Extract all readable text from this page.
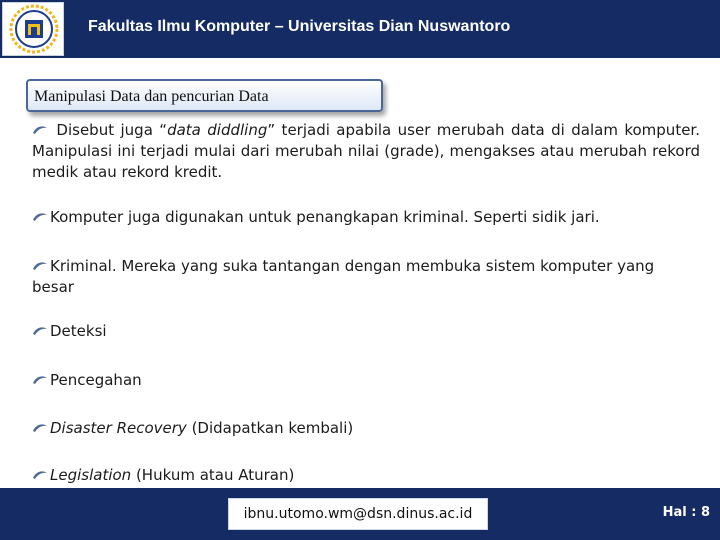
Fakultas Ilmu Komputer – Universitas Dian Nuswantoro
Manipulasi Data dan pencurian Data
Disebut juga “data diddling” terjadi apabila user merubah data di dalam komputer. Manipulasi ini terjadi mulai dari merubah nilai (grade), mengakses atau merubah rekord medik atau rekord kredit.
Komputer juga digunakan untuk penangkapan kriminal. Seperti sidik jari.
Kriminal. Mereka yang suka tantangan dengan membuka sistem komputer yang besar
Deteksi
Pencegahan
Disaster Recovery (Didapatkan kembali)
Legislation (Hukum atau Aturan)
ibnu.utomo.wm@dsn.dinus.ac.id	Hal : 8
